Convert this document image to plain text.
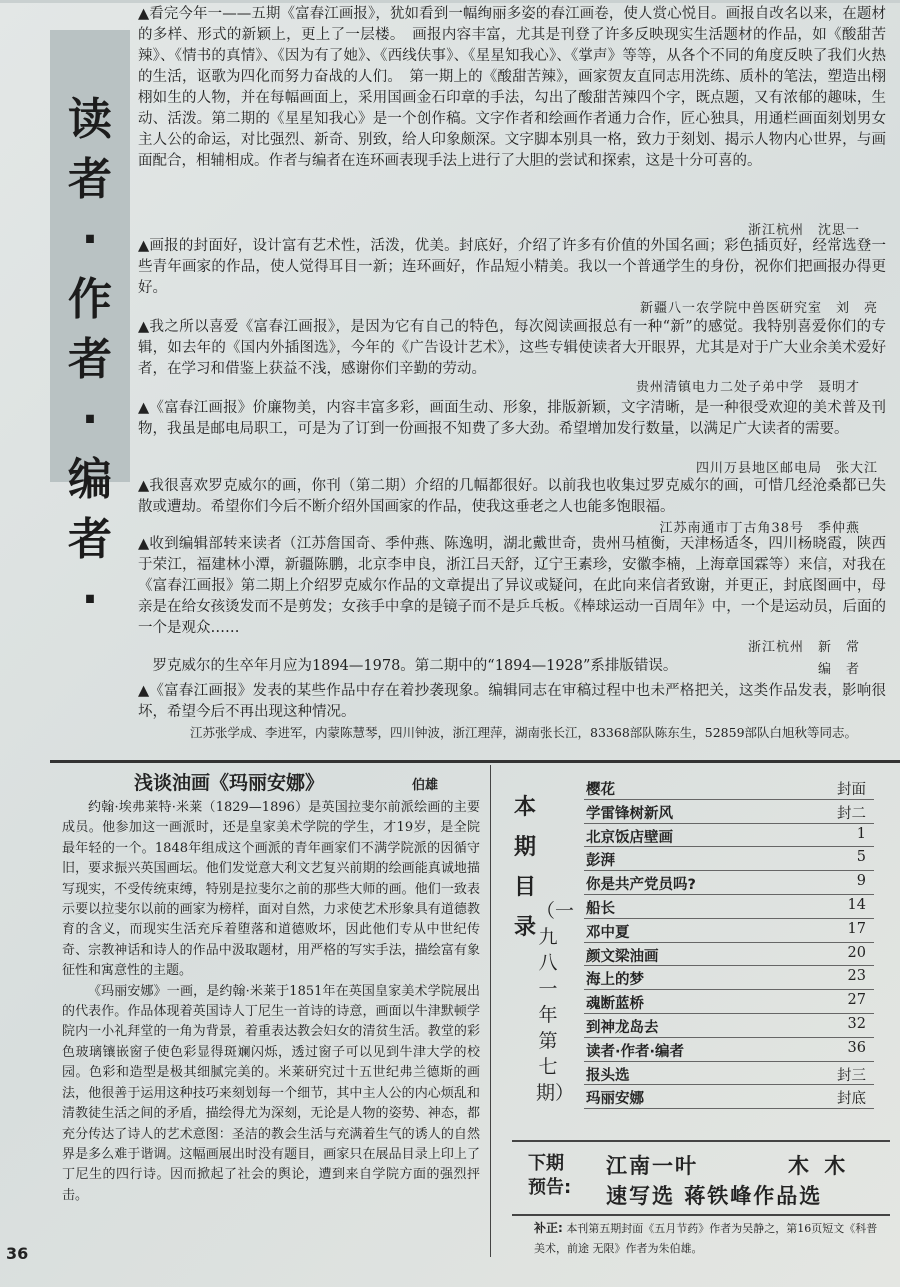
读者·作者·编者·

▲看完今年一——五期《富春江画报》，犹如看到一幅绚丽多姿的春江画卷，使人赏心悦目。画报自改名以来，在题材的多样、形式的新颖上，更上了一层楼。　画报内容丰富，尤其是刊登了许多反映现实生活题材的作品，如《酸甜苦辣》、《情书的真情》、《因为有了她》、《西线伕事》、《星星知我心》、《掌声》等等，从各个不同的角度反映了我们火热的生活，讴歌为四化而努力奋战的人们。　第一期上的《酸甜苦辣》，画家贺友直同志用洗练、质朴的笔法，塑造出栩栩如生的人物，并在每幅画面上，采用国画金石印章的手法，勾出了酸甜苦辣四个字，既点题，又有浓郁的趣味，生动、活泼。第二期的《星星知我心》是一个创作稿。文字作者和绘画作者通力合作，匠心独具，用通栏画面刻划男女主人公的命运，对比强烈、新奇、别致，给人印象颇深。文字脚本别具一格，致力于刻划、揭示人物内心世界，与画面配合，相辅相成。作者与编者在连环画表现手法上进行了大胆的尝试和探索，这是十分可喜的。

浙江杭州　沈思一

▲画报的封面好，设计富有艺术性，活泼，优美。封底好，介绍了许多有价值的外国名画；彩色插页好，经常选登一些青年画家的作品，使人觉得耳目一新；连环画好，作品短小精美。我以一个普通学生的身份，祝你们把画报办得更好。

新疆八一农学院中兽医研究室　刘　亮

▲我之所以喜爱《富春江画报》，是因为它有自己的特色，每次阅读画报总有一种“新”的感觉。我特别喜爱你们的专辑，如去年的《国内外插图选》，今年的《广告设计艺术》，这些专辑使读者大开眼界，尤其是对于广大业余美术爱好者，在学习和借鉴上获益不浅，感谢你们辛勤的劳动。

贵州清镇电力二处子弟中学　聂明才

▲《富春江画报》价廉物美，内容丰富多彩，画面生动、形象，排版新颖，文字清晰，是一种很受欢迎的美术普及刊物，我虽是邮电局职工，可是为了订到一份画报不知费了多大劲。希望增加发行数量，以满足广大读者的需要。

四川万县地区邮电局　张大江

▲我很喜欢罗克威尔的画，你刊（第二期）介绍的几幅都很好。以前我也收集过罗克威尔的画，可惜几经沧桑都已失散或遭劫。希望你们今后不断介绍外国画家的作品，使我这垂老之人也能多饱眼福。

江苏南通市丁古角38号　季仲燕

▲收到编辑部转来读者（江苏詹国奇、季仲燕、陈逸明，湖北戴世奇，贵州马植衡，天津杨适冬，四川杨晓霞，陕西于荣江，福建林小潭，新疆陈鹏，北京李申良，浙江吕天舒，辽宁王素珍，安徽李楠，上海章国霖等）来信，对我在《富春江画报》第二期上介绍罗克威尔作品的文章提出了异议或疑问，在此向来信者致谢，并更正，封底图画中，母亲是在给女孩烫发而不是剪发；女孩手中拿的是镜子而不是乒乓板。《棒球运动一百周年》中，一个是运动员，后面的一个是观众……

浙江杭州　新　常

　罗克威尔的生卒年月应为1894—1978。第二期中的“1894—1928”系排版错误。	编　者

▲《富春江画报》发表的某些作品中存在着抄袭现象。编辑同志在审稿过程中也未严格把关，这类作品发表，影响很坏，希望今后不再出现这种情况。

江苏张学成、李进军，内蒙陈慧琴，四川钟波，浙江理萍，湖南张长江，83368部队陈东生，52859部队白旭秋等同志。

浅谈油画《玛丽安娜》	伯雄

约翰·埃弗莱特·米莱（1829—1896）是英国拉斐尔前派绘画的主要成员。他参加这一画派时，还是皇家美术学院的学生，才19岁，是全院最年轻的一个。1848年组成这个画派的青年画家们不满学院派的因循守旧，要求振兴英国画坛。他们发觉意大利文艺复兴前期的绘画能真诚地描写现实，不受传统束缚，特别是拉斐尔之前的那些大师的画。他们一致表示要以拉斐尔以前的画家为榜样，面对自然，力求使艺术形象具有道德教育的含义，而现实生活充斥着堕落和道德败坏，因此他们专从中世纪传奇、宗教神话和诗人的作品中汲取题材，用严格的写实手法，描绘富有象征性和寓意性的主题。

《玛丽安娜》一画，是约翰·米莱于1851年在英国皇家美术学院展出的代表作。作品体现着英国诗人丁尼生一首诗的诗意，画面以牛津默顿学院内一小礼拜堂的一角为背景，着重表达教会妇女的清贫生活。教堂的彩色玻璃镶嵌窗子使色彩显得斑斓闪烁，透过窗子可以见到牛津大学的校园。色彩和造型是极其细腻完美的。米莱研究过十五世纪弗兰德斯的画法，他很善于运用这种技巧来刻划每一个细节，其中主人公的内心烦乱和清教徒生活之间的矛盾，描绘得尤为深刻，无论是人物的姿势、神态，都充分传达了诗人的艺术意图：圣洁的教会生活与充满着生气的诱人的自然界是多么难于谐调。这幅画展出时没有题目，画家只在展品目录上印上了丁尼生的四行诗。因而掀起了社会的舆论，遭到来自学院方面的强烈抨击。

本期目录
（一九八一年第七期）
樱花	封面
学雷锋树新风	封二
北京饭店壁画	1
彭湃	5
你是共产党员吗?	9
船长	14
邓中夏	17
颜文梁油画	20
海上的梦	23
魂断蓝桥	27
到神龙岛去	32
读者·作者·编者	36
报头选	封三
玛丽安娜	封底
下期预告:
江南一叶	木 木
速写选 蒋铁峰作品选

补正: 本刊第五期封面《五月节药》作者为吴静之，第16页短文《科普 美术，前途 无限》作者为朱伯雄。

36
